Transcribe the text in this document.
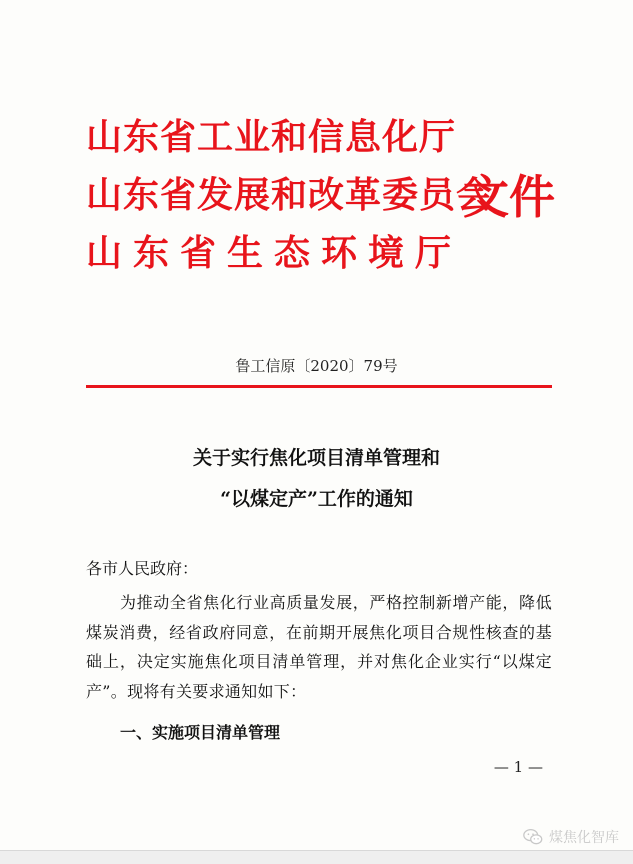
山东省工业和信息化厅
山东省发展和改革委员会
山东省生态环境厅
文件
鲁工信原〔2020〕79号
关于实行焦化项目清单管理和
“以煤定产”工作的通知
各市人民政府：
为推动全省焦化行业高质量发展，严格控制新增产能，降低煤炭消费，经省政府同意，在前期开展焦化项目合规性核查的基础上，决定实施焦化项目清单管理，并对焦化企业实行“以煤定产”。现将有关要求通知如下：
一、实施项目清单管理
— 1 —
煤焦化智库
